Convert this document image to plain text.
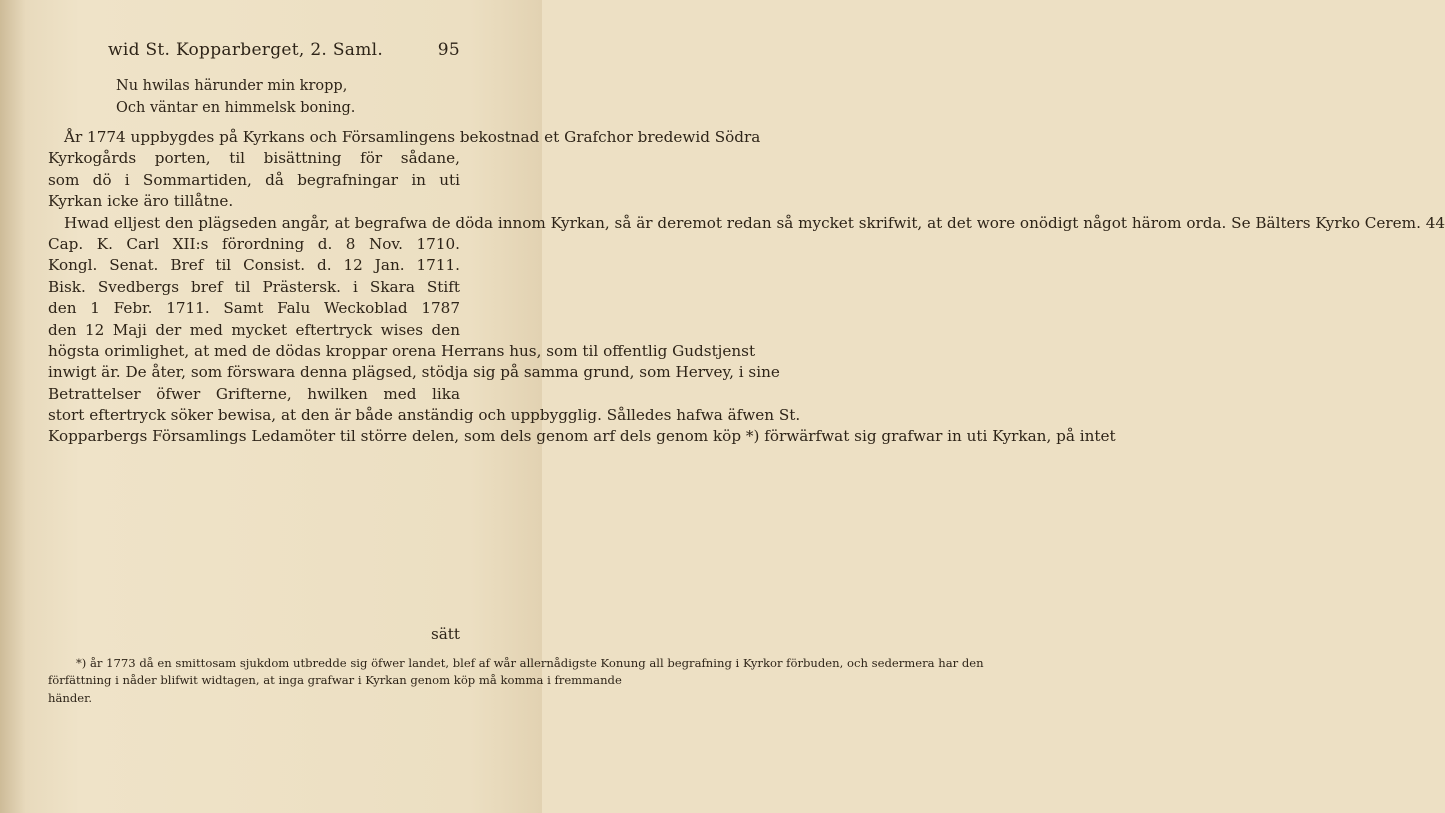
wid St. Kopparberget, 2. Saml.	95
Nu hwilas härunder min kropp,
Och väntar en himmelsk boning.
År 1774 uppbygdes på Kyrkans och Församlingens bekostnad et Grafchor bredewid Södra
Kyrkogårds porten, til bisättning för sådane,
som dö i Sommartiden, då begrafningar in uti
Kyrkan icke äro tillåtne.
Hwad elljest den plägseden angår, at begrafwa de döda innom Kyrkan, så är deremot redan så mycket skrifwit, at det wore onödigt något härom orda. Se Bälters Kyrko Cerem. 44
Cap. K. Carl XII:s förordning d. 8 Nov. 1710.
Kongl. Senat. Bref til Consist. d. 12 Jan. 1711.
Bisk. Svedbergs bref til Prästersk. i Skara Stift
den 1 Febr. 1711. Samt Falu Weckoblad 1787
den 12 Maji der med mycket eftertryck wises den
högsta orimlighet, at med de dödas kroppar orena Herrans hus, som til offentlig Gudstjenst
inwigt är. De åter, som förswara denna plägsed, stödja sig på samma grund, som Hervey, i sine
Betrattelser öfwer Grifterne, hwilken med lika
stort eftertryck söker bewisa, at den är både anständig och uppbygglig. Sålledes hafwa äfwen St.
Kopparbergs Församlings Ledamöter til större delen, som dels genom arf dels genom köp *) förwärfwat sig grafwar in uti Kyrkan, på intet
sätt
*) år 1773 då en smittosam sjukdom utbredde sig öfwer landet, blef af wår allernådigste Konung all begrafning i Kyrkor förbuden, och sedermera har den
förfättning i nåder blifwit widtagen, at inga grafwar i Kyrkan genom köp må komma i fremmande
händer.
